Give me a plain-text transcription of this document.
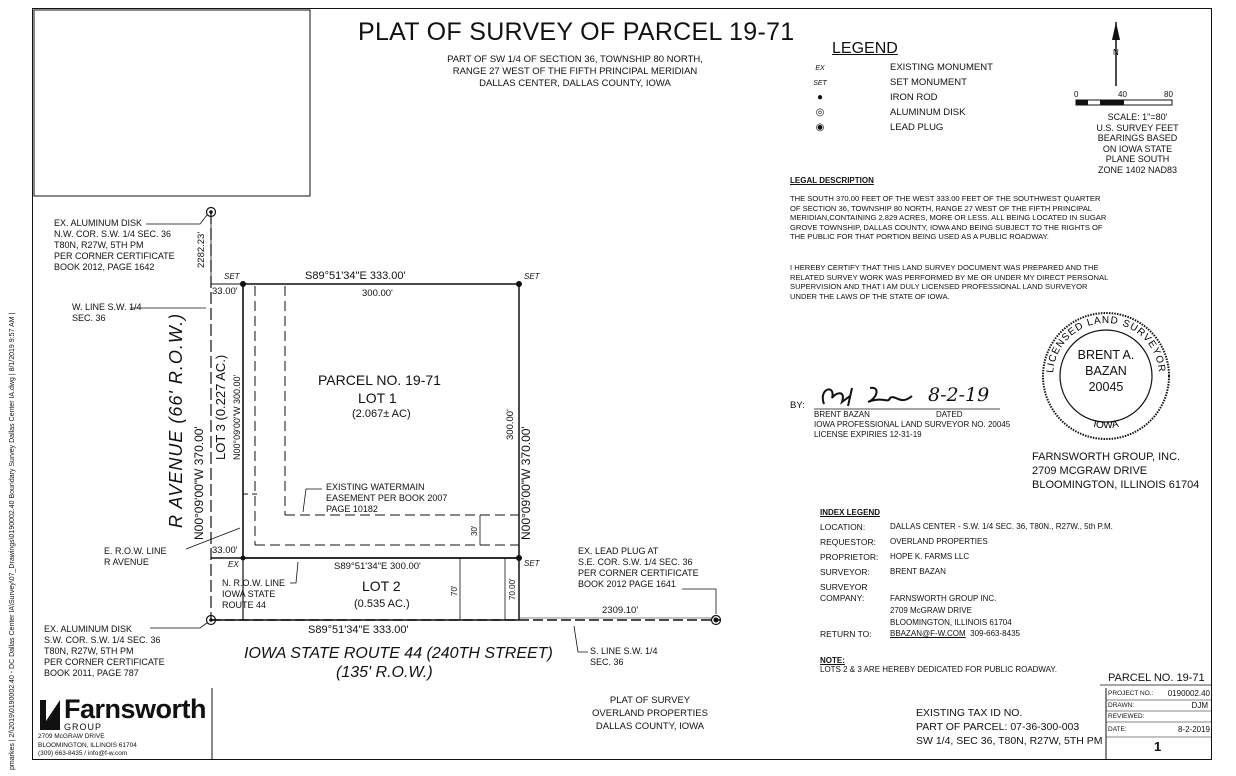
N
LICENSED LAND SURVEYOR
IOWA
pmarkes | 2/\2019\0190002.40 - DC Dallas Center IA\Survey\07_Drawings\0190002.40 Boundary Survey Dallas Center IA.dwg | 8/1/2019 9:57 AM |
PLAT OF SURVEY OF PARCEL 19-71
PART OF SW 1/4 OF SECTION 36, TOWNSHIP 80 NORTH,
RANGE 27 WEST OF THE FIFTH PRINCIPAL MERIDIAN
DALLAS CENTER, DALLAS COUNTY, IOWA
LEGEND
EX	EXISTING MONUMENT
SET	SET MONUMENT
●	IRON ROD
◎	ALUMINUM DISK
◉	LEAD PLUG
0	40	80
SCALE: 1"=80'
U.S. SURVEY FEET
BEARINGS BASED
ON IOWA STATE
PLANE SOUTH
ZONE 1402 NAD83
LEGAL DESCRIPTION
THE SOUTH 370.00 FEET OF THE WEST 333.00 FEET OF THE SOUTHWEST QUARTER OF SECTION 36, TOWNSHIP 80 NORTH, RANGE 27 WEST OF THE FIFTH PRINCIPAL MERIDIAN,CONTAINING 2.829 ACRES, MORE OR LESS. ALL BEING LOCATED IN SUGAR GROVE TOWNSHIP, DALLAS COUNTY, IOWA AND BEING SUBJECT TO THE RIGHTS OF THE PUBLIC FOR THAT PORTION BEING USED AS A PUBLIC ROADWAY.
I HEREBY CERTIFY THAT THIS LAND SURVEY DOCUMENT WAS PREPARED AND THE RELATED SURVEY WORK WAS PERFORMED BY ME OR UNDER MY DIRECT PERSONAL SUPERVISION AND THAT I AM DULY LICENSED PROFESSIONAL LAND SURVEYOR UNDER THE LAWS OF THE STATE OF IOWA.
BRENT A.
BAZAN
20045
BY:	8-2-19
BRENT BAZAN	DATED
IOWA PROFESSIONAL LAND SURVEYOR NO. 20045
LICENSE EXPIRIES 12-31-19
FARNSWORTH GROUP, INC.
2709 MCGRAW DRIVE
BLOOMINGTON, ILLINOIS 61704
INDEX LEGEND
LOCATION:	DALLAS CENTER - S.W. 1/4 SEC. 36, T80N., R27W., 5th P.M.
REQUESTOR: OVERLAND PROPERTIES
PROPRIETOR: HOPE K. FARMS LLC
SURVEYOR:	BRENT BAZAN
SURVEYOR
COMPANY:	FARNSWORTH GROUP INC.
2709 McGRAW DRIVE
BLOOMINGTON, ILLINOIS 61704
RETURN TO: BBAZAN@F-W.COM 309-663-8435
NOTE:
LOTS 2 & 3 ARE HEREBY DEDICATED FOR PUBLIC ROADWAY.
PARCEL NO. 19-71
PARCEL NO. 19-71
LOT 1
(2.067± AC)
LOT 2
(0.535 AC.)
LOT 3 (0.227 AC.) N00°09'00"W 300.00'
S89°51'34"E 333.00'
300.00'
S89°51'34"E 300.00'
S89°51'34"E 333.00'
N00°09'00"W 370.00'	N00°09'00"W 370.00'
300.00'
33.00'
33.00'
70'	70.00'
30'
2282.23'
2309.10'
SET	SET
SET
EX
R AVENUE (66' R.O.W.)
IOWA STATE ROUTE 44 (240TH STREET)
(135' R.O.W.)
EX. ALUMINUM DISK
N.W. COR. S.W. 1/4 SEC. 36
T80N, R27W, 5TH PM
PER CORNER CERTIFICATE
BOOK 2012, PAGE 1642
W. LINE S.W. 1/4
SEC. 36
E. R.O.W. LINE
R AVENUE
EX. ALUMINUM DISK
S.W. COR. S.W. 1/4 SEC. 36
T80N, R27W, 5TH PM
PER CORNER CERTIFICATE
BOOK 2011, PAGE 787
N. R.O.W. LINE
IOWA STATE
ROUTE 44
EXISTING WATERMAIN
EASEMENT PER BOOK 2007
PAGE 10182
EX. LEAD PLUG AT
S.E. COR. S.W. 1/4 SEC. 36
PER CORNER CERTIFICATE
BOOK 2012 PAGE 1641
S. LINE S.W. 1/4
SEC. 36
Farnsworth
GROUP
2709 McGRAW DRIVE
BLOOMINGTON, ILLINOIS 61704
(309) 663-8435 / info@f-w.com
PLAT OF SURVEY
OVERLAND PROPERTIES
DALLAS COUNTY, IOWA
EXISTING TAX ID NO.
PART OF PARCEL: 07-36-300-003
SW 1/4, SEC 36, T80N, R27W, 5TH PM
PROJECT NO.: 0190002.40
DRAWN:	DJM
REVIEWED:
DATE:	8-2-2019
1
